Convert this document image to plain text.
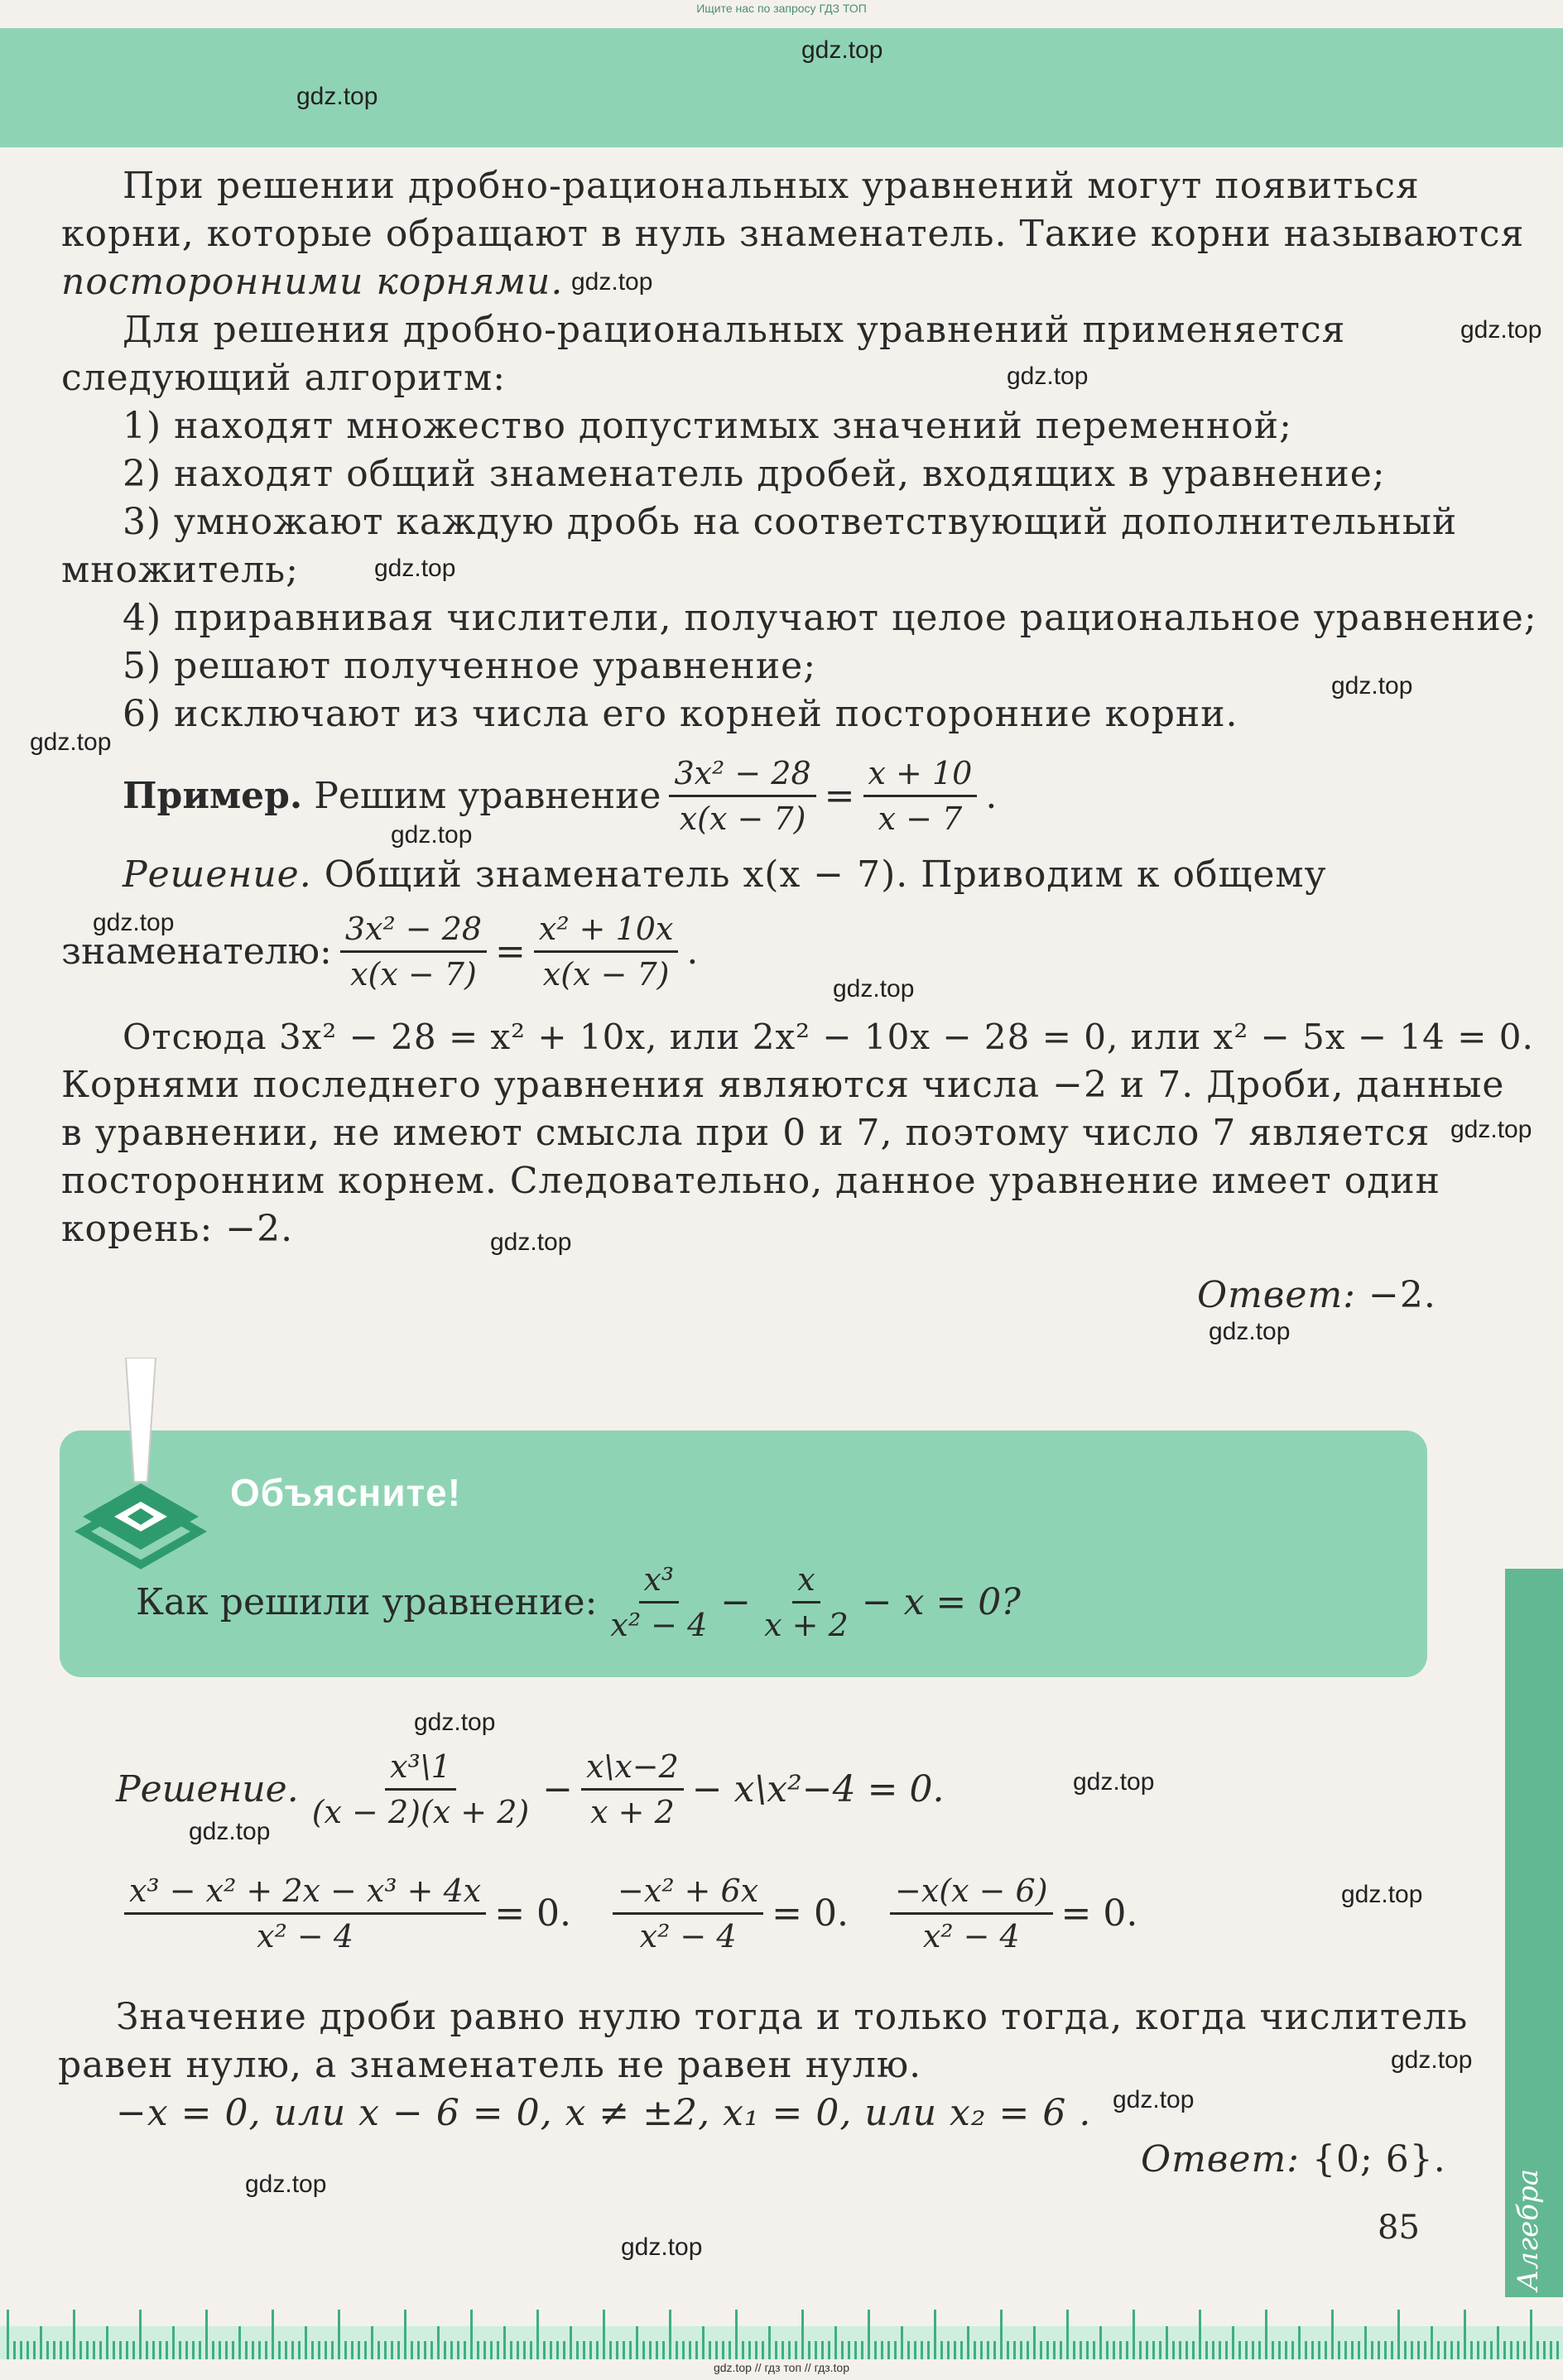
Ищите нас по запросу ГДЗ ТОП
gdz.top
gdz.top
gdz.top
gdz.top
gdz.top
gdz.top
gdz.top
gdz.top
gdz.top
gdz.top
gdz.top
gdz.top
gdz.top
gdz.top
gdz.top
gdz.top
gdz.top
gdz.top
gdz.top
gdz.top
gdz.top
gdz.top
При решении дробно-рациональных уравнений могут появиться
корни, которые обращают в нуль знаменатель. Такие корни называются
посторонними корнями.
Для решения дробно-рациональных уравнений применяется
следующий алгоритм:
1) находят множество допустимых значений переменной;
2) находят общий знаменатель дробей, входящих в уравнение;
3) умножают каждую дробь на соответствующий дополнительный
множитель;
4) приравнивая числители, получают целое рациональное уравнение;
5) решают полученное уравнение;
6) исключают из числа его корней посторонние корни.
Пример.
Решим уравнение $\frac{\text{3x² − 28}}{x(x - 7)} = \frac{x + 10}{x - 7}$ .
Решение. Общий знаменатель x(x − 7). Приводим к общему
знаменателю: $\frac{\text{3x² − 28}}{x(x - 7)} = \frac{\text{x² + 10x}}{x(x - 7)}$ .
Отсюда 3x² − 28 = x² + 10x, или 2x² − 10x − 28 = 0, или x² − 5x − 14 = 0.
Корнями последнего уравнения являются числа −2 и 7. Дроби, данные
в уравнении, не имеют смысла при 0 и 7, поэтому число 7 является
посторонним корнем. Следовательно, данное уравнение имеет один
корень: −2.
Ответ: −2.
Объясните!
Как решили уравнение: $\frac{\text{x³}}{\text{x² − 4}} - \frac{x}{x + 2} - x = 0$?
Решение. $\frac{\text{x³\textbackslash{}1}}{(x - 2)(x + 2)} - \frac{x\backslash x-2}{x + 2}$ − x\x²−4 = 0.
$\frac{\text{x³ − x² + 2x − x³ + 4x}}{\text{x² − 4}} = 0$. $\frac{\text{−x² + 6x}}{\text{x² − 4}} = 0$. $\frac{-x(x - 6)}{\text{x² − 4}} = 0$.
Значение дроби равно нулю тогда и только тогда, когда числитель
равен нулю, а знаменатель не равен нулю.
−x = 0, или x − 6 = 0, x ≠ ±2, x₁ = 0, или x₂ = 6 .
Ответ: {0; 6}.
Алгебра
85
gdz.top // гдз топ // гдз.top
